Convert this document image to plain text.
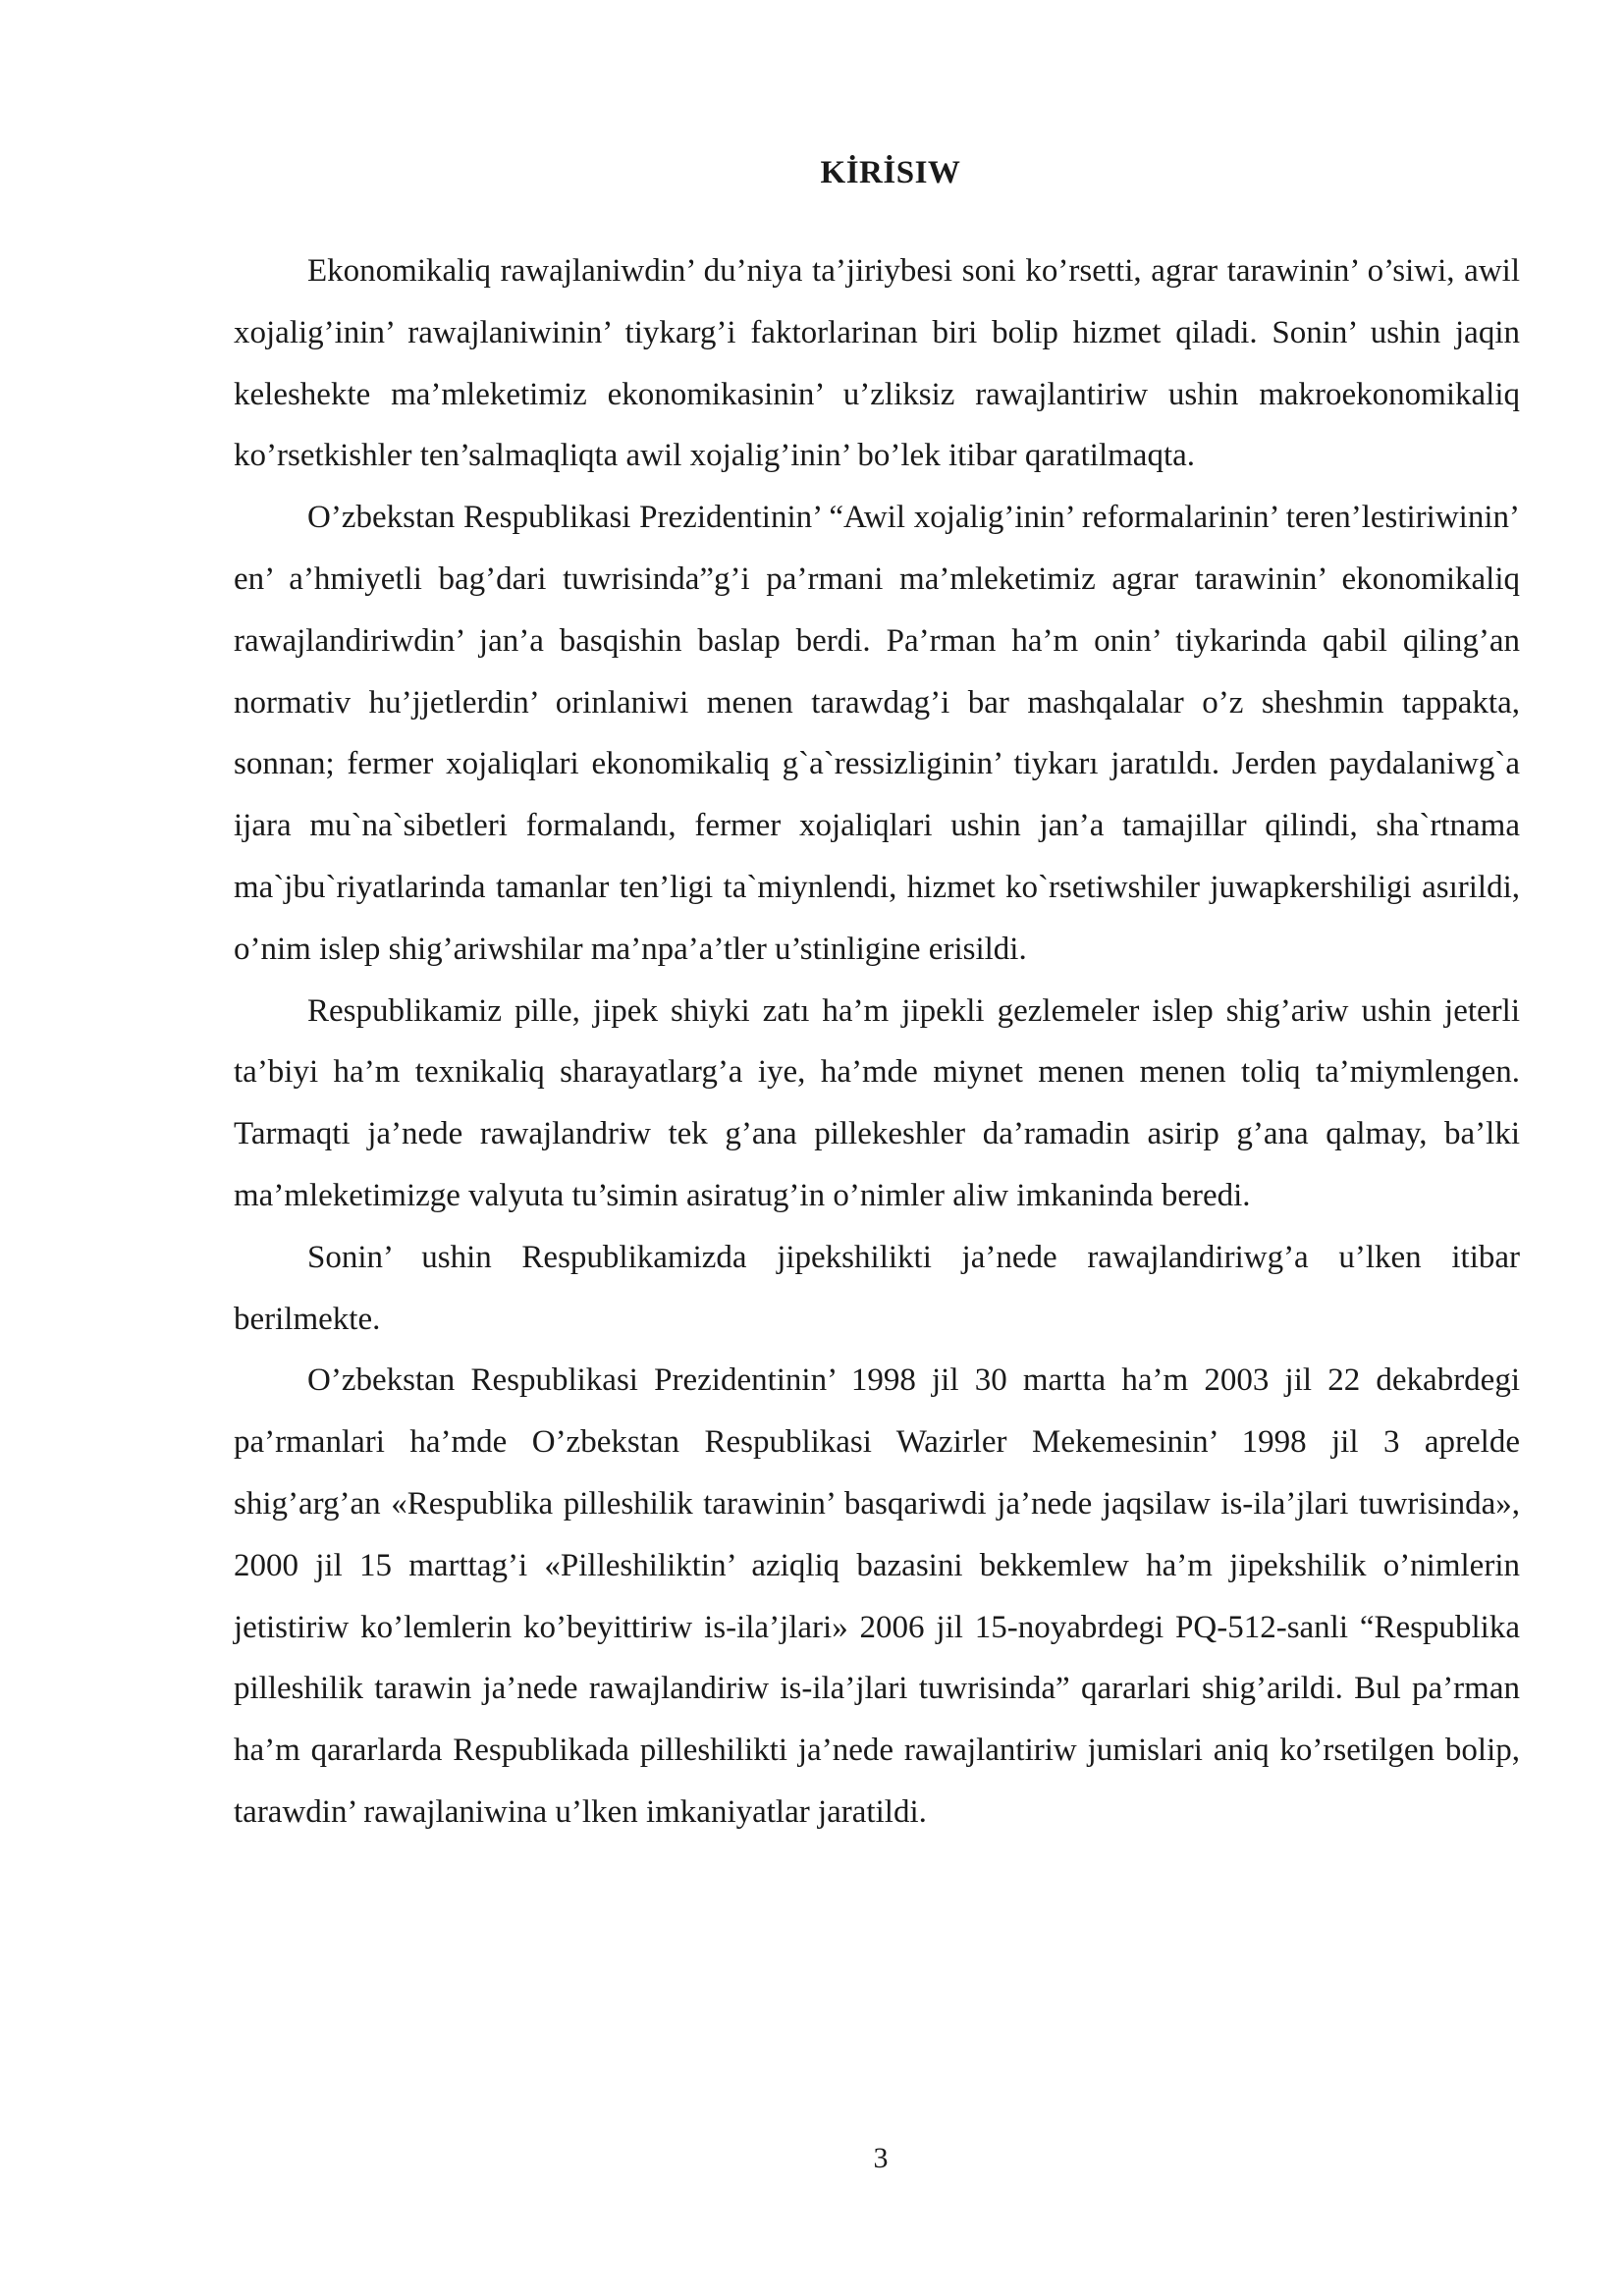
KİRİSIW

Ekonomikaliq rawajlaniwdin’ du’niya ta’jiriybesi soni ko’rsetti, agrar tarawinin’ o’siwi, awil xojalig’inin’ rawajlaniwinin’ tiykarg’i faktorlarinan biri bolip hizmet qiladi. Sonin’ ushin jaqin keleshekte ma’mleketimiz ekonomikasinin’ u’zliksiz rawajlantiriw ushin makroekonomikaliq ko’rsetkishler ten’salmaqliqta awil xojalig’inin’ bo’lek itibar qaratilmaqta.

O’zbekstan Respublikasi Prezidentinin’ “Awil xojalig’inin’ reformalarinin’ teren’lestiriwinin’ en’ a’hmiyetli bag’dari tuwrisinda”g’i pa’rmani ma’mleketimiz agrar tarawinin’ ekonomikaliq rawajlandiriwdin’ jan’a basqishin baslap berdi. Pa’rman ha’m onin’ tiykarinda qabil qiling’an normativ hu’jjetlerdin’ orinlaniwi menen tarawdag’i bar mashqalalar o’z sheshmin tappakta, sonnan; fermer xojaliqlari ekonomikaliq g`a`ressizliginin’ tiykarı jaratıldı. Jerden paydalaniwg`a ijara mu`na`sibetleri formalandı, fermer xojaliqlari ushin jan’a tamajillar qilindi, sha`rtnama ma`jbu`riyatlarinda tamanlar ten’ligi ta`miynlendi, hizmet ko`rsetiwshiler juwapkershiligi asırildi, o’nim islep shig’ariwshilar ma’npa’a’tler u’stinligine erisildi.

Respublikamiz pille, jipek shiyki zatı ha’m jipekli gezlemeler islep shig’ariw ushin jeterli ta’biyi ha’m texnikaliq sharayatlarg’a iye, ha’mde miynet menen menen toliq ta’miymlengen. Tarmaqti ja’nede rawajlandriw tek g’ana pillekeshler da’ramadin asirip g’ana qalmay, ba’lki ma’mleketimizge valyuta tu’simin asiratug’in o’nimler aliw imkaninda beredi.

Sonin’ ushin Respublikamizda jipekshilikti ja’nede rawajlandiriwg’a u’lken itibar berilmekte.

O’zbekstan Respublikasi Prezidentinin’ 1998 jil 30 martta ha’m 2003 jil 22 dekabrdegi pa’rmanlari ha’mde O’zbekstan Respublikasi Wazirler Mekemesinin’ 1998 jil 3 aprelde shig’arg’an «Respublika pilleshilik tarawinin’ basqariwdi ja’nede jaqsilaw is-ila’jlari tuwrisinda», 2000 jil 15 marttag’i «Pilleshiliktin’ aziqliq bazasini bekkemlew ha’m jipekshilik o’nimlerin jetistiriw ko’lemlerin ko’beyittiriw is-ila’jlari» 2006 jil 15-noyabrdegi PQ-512-sanli “Respublika pilleshilik tarawin ja’nede rawajlandiriw is-ila’jlari tuwrisinda” qararlari shig’arildi. Bul pa’rman ha’m qararlarda Respublikada pilleshilikti ja’nede rawajlantiriw jumislari aniq ko’rsetilgen bolip, tarawdin’ rawajlaniwina u’lken imkaniyatlar jaratildi.

3
